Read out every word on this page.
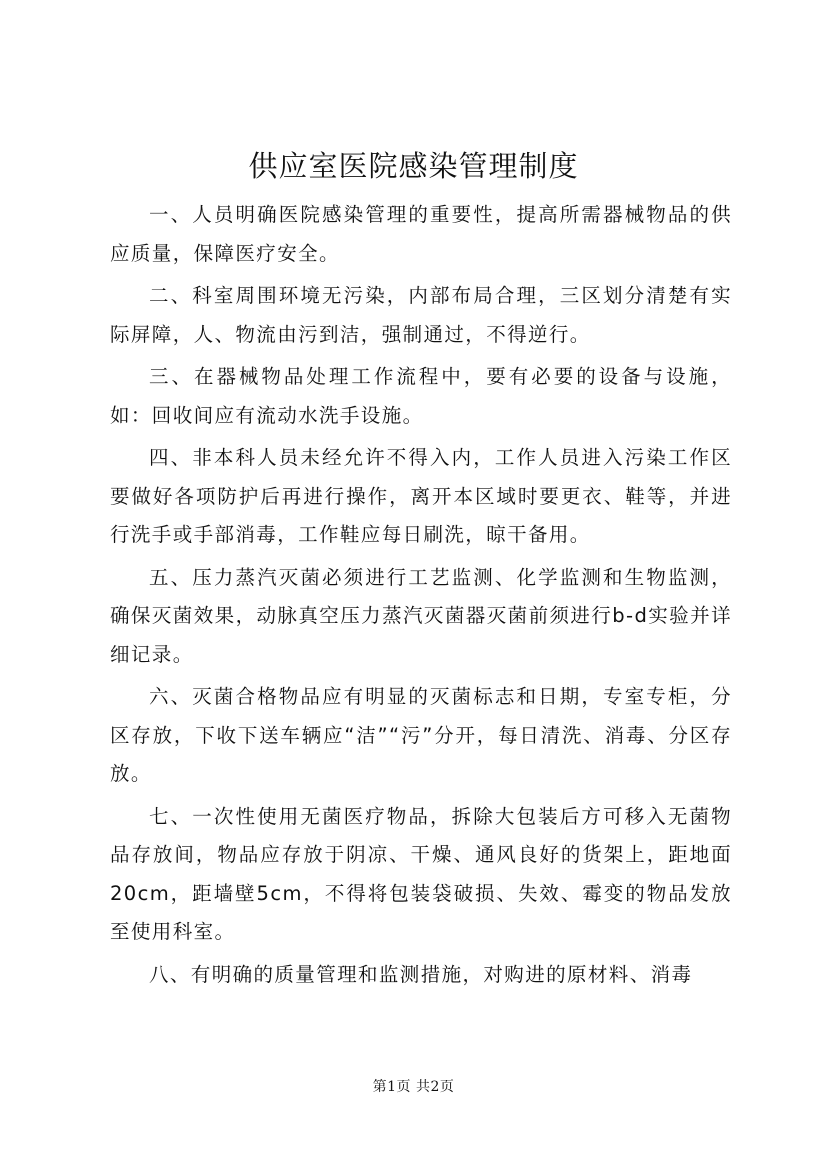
供应室医院感染管理制度

一、人员明确医院感染管理的重要性，提高所需器械物品的供应质量，保障医疗安全。

二、科室周围环境无污染，内部布局合理，三区划分清楚有实际屏障，人、物流由污到洁，强制通过，不得逆行。

三、在器械物品处理工作流程中，要有必要的设备与设施，如：回收间应有流动水洗手设施。

四、非本科人员未经允许不得入内，工作人员进入污染工作区要做好各项防护后再进行操作，离开本区域时要更衣、鞋等，并进行洗手或手部消毒，工作鞋应每日刷洗，晾干备用。

五、压力蒸汽灭菌必须进行工艺监测、化学监测和生物监测，确保灭菌效果，动脉真空压力蒸汽灭菌器灭菌前须进行b-d实验并详细记录。

六、灭菌合格物品应有明显的灭菌标志和日期，专室专柜，分区存放，下收下送车辆应“洁”“污”分开，每日清洗、消毒、分区存放。

七、一次性使用无菌医疗物品，拆除大包装后方可移入无菌物品存放间，物品应存放于阴凉、干燥、通风良好的货架上，距地面20cm，距墙壁5cm，不得将包装袋破损、失效、霉变的物品发放至使用科室。

八、有明确的质量管理和监测措施，对购进的原材料、消毒

第1页 共2页
